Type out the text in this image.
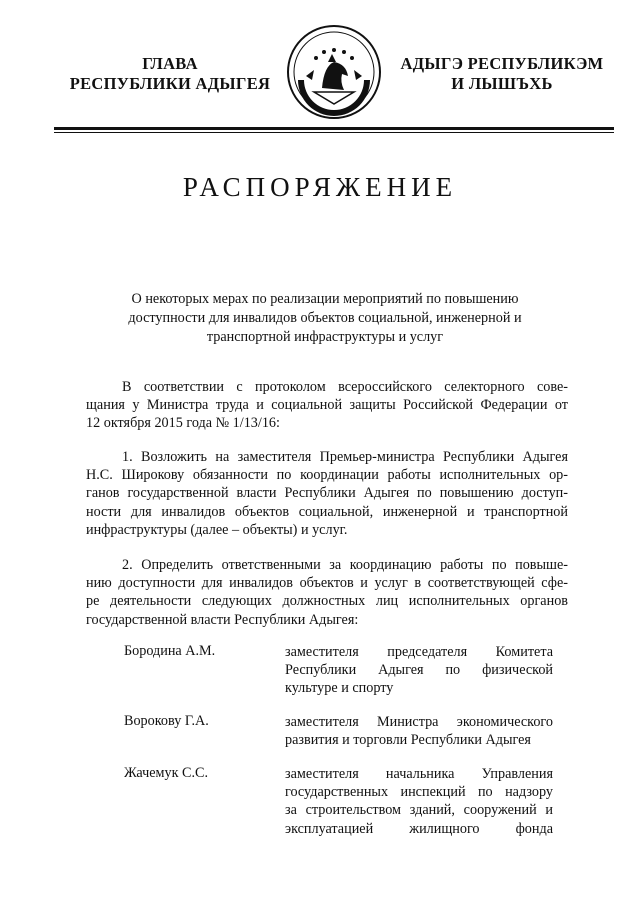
ГЛАВА
РЕСПУБЛИКИ АДЫГЕЯ
АДЫГЭ РЕСПУБЛИКЭМ
И ЛЫШЪХЬ
РАСПОРЯЖЕНИЕ
О некоторых мерах по реализации мероприятий по повышению
доступности для инвалидов объектов социальной, инженерной и
транспортной инфраструктуры и услуг
В соответствии с протоколом всероссийского селекторного сове-
щания у Министра труда и социальной защиты Российской Федерации от
12 октября 2015 года № 1/13/16:
1. Возложить на заместителя Премьер-министра Республики Адыгея
Н.С. Широкову обязанности по координации работы исполнительных ор-
ганов государственной власти Республики Адыгея по повышению доступ-
ности для инвалидов объектов социальной, инженерной и транспортной
инфраструктуры (далее – объекты) и услуг.
2. Определить ответственными за координацию работы по повыше-
нию доступности для инвалидов объектов и услуг в соответствующей сфе-
ре деятельности следующих должностных лиц исполнительных органов
государственной власти Республики Адыгея:
Бородина А.М.	заместителя председателя Комитета
Республики Адыгея по физической
культуре и спорту
Ворокову Г.А.	заместителя Министра экономического
развития и торговли Республики Адыгея
Жачемук С.С.	заместителя начальника Управления
государственных инспекций по надзору
за строительством зданий, сооружений и
эксплуатацией жилищного фонда
